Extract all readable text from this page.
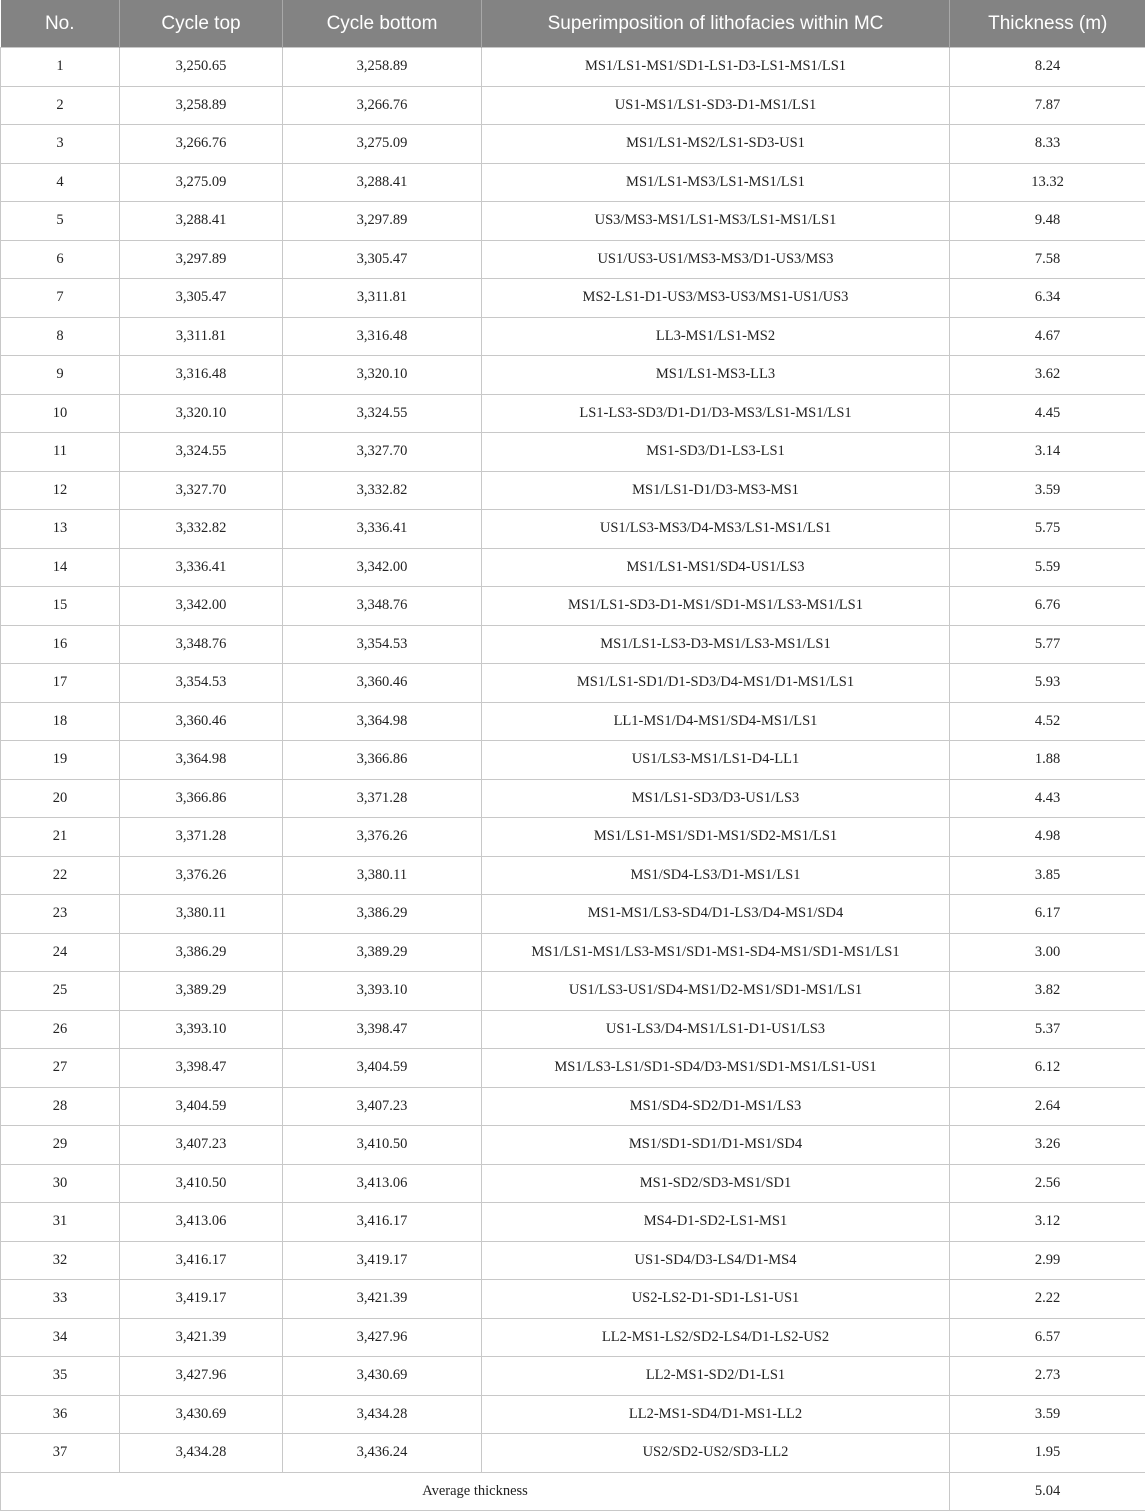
No.	Cycle top	Cycle bottom	Superimposition of lithofacies within MC	Thickness (m)
1	3,250.65	3,258.89	MS1/LS1-MS1/SD1-LS1-D3-LS1-MS1/LS1	8.24
2	3,258.89	3,266.76	US1-MS1/LS1-SD3-D1-MS1/LS1	7.87
3	3,266.76	3,275.09	MS1/LS1-MS2/LS1-SD3-US1	8.33
4	3,275.09	3,288.41	MS1/LS1-MS3/LS1-MS1/LS1	13.32
5	3,288.41	3,297.89	US3/MS3-MS1/LS1-MS3/LS1-MS1/LS1	9.48
6	3,297.89	3,305.47	US1/US3-US1/MS3-MS3/D1-US3/MS3	7.58
7	3,305.47	3,311.81	MS2-LS1-D1-US3/MS3-US3/MS1-US1/US3	6.34
8	3,311.81	3,316.48	LL3-MS1/LS1-MS2	4.67
9	3,316.48	3,320.10	MS1/LS1-MS3-LL3	3.62
10	3,320.10	3,324.55	LS1-LS3-SD3/D1-D1/D3-MS3/LS1-MS1/LS1	4.45
11	3,324.55	3,327.70	MS1-SD3/D1-LS3-LS1	3.14
12	3,327.70	3,332.82	MS1/LS1-D1/D3-MS3-MS1	3.59
13	3,332.82	3,336.41	US1/LS3-MS3/D4-MS3/LS1-MS1/LS1	5.75
14	3,336.41	3,342.00	MS1/LS1-MS1/SD4-US1/LS3	5.59
15	3,342.00	3,348.76	MS1/LS1-SD3-D1-MS1/SD1-MS1/LS3-MS1/LS1	6.76
16	3,348.76	3,354.53	MS1/LS1-LS3-D3-MS1/LS3-MS1/LS1	5.77
17	3,354.53	3,360.46	MS1/LS1-SD1/D1-SD3/D4-MS1/D1-MS1/LS1	5.93
18	3,360.46	3,364.98	LL1-MS1/D4-MS1/SD4-MS1/LS1	4.52
19	3,364.98	3,366.86	US1/LS3-MS1/LS1-D4-LL1	1.88
20	3,366.86	3,371.28	MS1/LS1-SD3/D3-US1/LS3	4.43
21	3,371.28	3,376.26	MS1/LS1-MS1/SD1-MS1/SD2-MS1/LS1	4.98
22	3,376.26	3,380.11	MS1/SD4-LS3/D1-MS1/LS1	3.85
23	3,380.11	3,386.29	MS1-MS1/LS3-SD4/D1-LS3/D4-MS1/SD4	6.17
24	3,386.29	3,389.29	MS1/LS1-MS1/LS3-MS1/SD1-MS1-SD4-MS1/SD1-MS1/LS1	3.00
25	3,389.29	3,393.10	US1/LS3-US1/SD4-MS1/D2-MS1/SD1-MS1/LS1	3.82
26	3,393.10	3,398.47	US1-LS3/D4-MS1/LS1-D1-US1/LS3	5.37
27	3,398.47	3,404.59	MS1/LS3-LS1/SD1-SD4/D3-MS1/SD1-MS1/LS1-US1	6.12
28	3,404.59	3,407.23	MS1/SD4-SD2/D1-MS1/LS3	2.64
29	3,407.23	3,410.50	MS1/SD1-SD1/D1-MS1/SD4	3.26
30	3,410.50	3,413.06	MS1-SD2/SD3-MS1/SD1	2.56
31	3,413.06	3,416.17	MS4-D1-SD2-LS1-MS1	3.12
32	3,416.17	3,419.17	US1-SD4/D3-LS4/D1-MS4	2.99
33	3,419.17	3,421.39	US2-LS2-D1-SD1-LS1-US1	2.22
34	3,421.39	3,427.96	LL2-MS1-LS2/SD2-LS4/D1-LS2-US2	6.57
35	3,427.96	3,430.69	LL2-MS1-SD2/D1-LS1	2.73
36	3,430.69	3,434.28	LL2-MS1-SD4/D1-MS1-LL2	3.59
37	3,434.28	3,436.24	US2/SD2-US2/SD3-LL2	1.95
Average thickness				5.04
